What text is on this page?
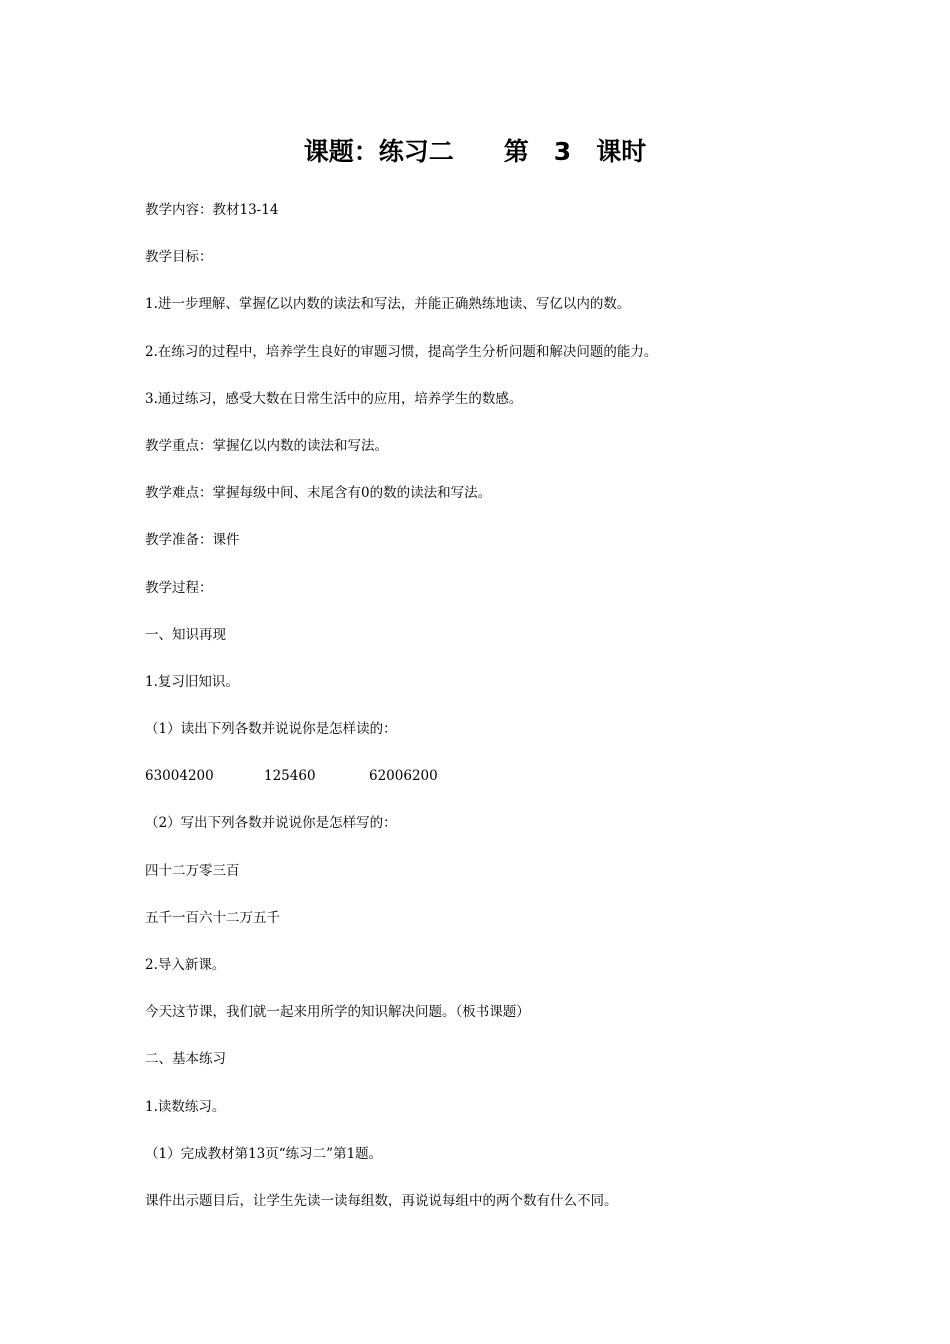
课题：练习二　　第　3　课时
教学内容：教材13-14
教学目标：
1.进一步理解、掌握亿以内数的读法和写法，并能正确熟练地读、写亿以内的数。
2.在练习的过程中，培养学生良好的审题习惯，提高学生分析问题和解决问题的能力。
3.通过练习，感受大数在日常生活中的应用，培养学生的数感。
教学重点：掌握亿以内数的读法和写法。
教学难点：掌握每级中间、末尾含有0的数的读法和写法。
教学准备：课件
教学过程：
一、知识再现
1.复习旧知识。
（1）读出下列各数并说说你是怎样读的：
63004200	125460	62006200
（2）写出下列各数并说说你是怎样写的：
四十二万零三百
五千一百六十二万五千
2.导入新课。
今天这节课，我们就一起来用所学的知识解决问题。（板书课题）
二、基本练习
1.读数练习。
（1）完成教材第13页“练习二”第1题。
课件出示题目后，让学生先读一读每组数，再说说每组中的两个数有什么不同。
